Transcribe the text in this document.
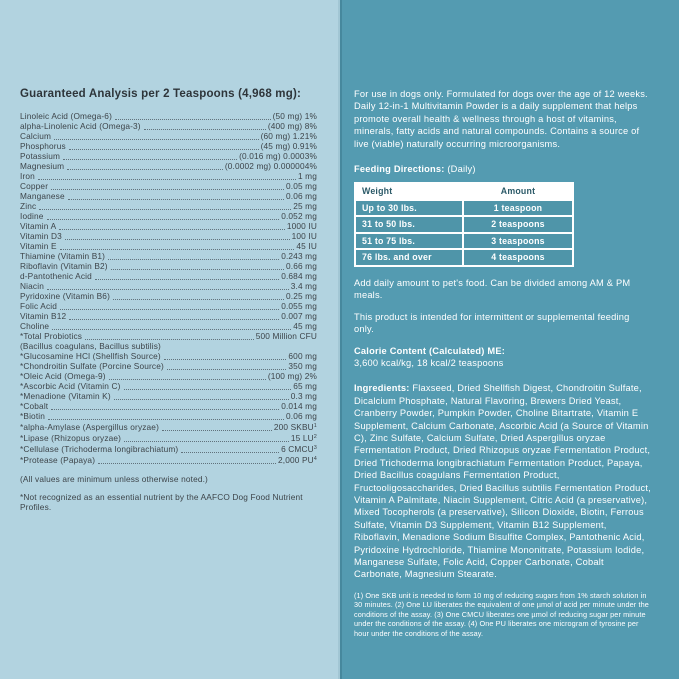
Guaranteed Analysis per 2 Teaspoons (4,968 mg):
Linoleic Acid (Omega-6)	(50 mg) 1%
alpha-Linolenic Acid (Omega-3)	(400 mg) 8%
Calcium	(60 mg) 1.21%
Phosphorus	(45 mg) 0.91%
Potassium	(0.016 mg) 0.0003%
Magnesium	(0.0002 mg) 0.000004%
Iron	1 mg
Copper	0.05 mg
Manganese	0.06 mg
Zinc	25 mg
Iodine	0.052 mg
Vitamin A	1000 IU
Vitamin D3	100 IU
Vitamin E	45 IU
Thiamine (Vitamin B1)	0.243 mg
Riboflavin (Vitamin B2)	0.66 mg
d-Pantothenic Acid	0.684 mg
Niacin	3.4 mg
Pyridoxine (Vitamin B6)	0.25 mg
Folic Acid	0.055 mg
Vitamin B12	0.007 mg
Choline	45 mg
*Total Probiotics	500 Million CFU
(Bacillus coagulans, Bacillus subtilis)
*Glucosamine HCl (Shellfish Source)	600 mg
*Chondroitin Sulfate (Porcine Source)	350 mg
*Oleic Acid (Omega-9)	(100 mg) 2%
*Ascorbic Acid (Vitamin C)	65 mg
*Menadione (Vitamin K)	0.3 mg
*Cobalt	0.014 mg
*Biotin	0.06 mg
*alpha-Amylase (Aspergillus oryzae)	200 SKBU$^1$
*Lipase (Rhizopus oryzae)	15 $LU^2$
*Cellulase (Trichoderma longibrachiatum)	6 CMCU$^3$
*Protease (Papaya)	2,000 $PU^4$

(All values are minimum unless otherwise noted.)

*Not recognized as an essential nutrient by the AAFCO Dog Food Nutrient Profiles.

For use in dogs only. Formulated for dogs over the age of 12 weeks. Daily 12-in-1 Multivitamin Powder is a daily supplement that helps promote overall health & wellness through a host of vitamins, minerals, fatty acids and natural compounds. Contains a source of live (viable) naturally occurring microorganisms.

Feeding Directions: (Daily)

Weight	Amount
Up to 30 lbs.	1 teaspoon
31 to 50 lbs.	2 teaspoons
51 to 75 lbs.	3 teaspoons
76 lbs. and over	4 teaspoons

Add daily amount to pet's food. Can be divided among AM & PM meals.

This product is intended for intermittent or supplemental feeding only.

Calorie Content (Calculated) ME:

3,600 kcal/kg, 18 kcal/2 teaspoons

Ingredients: Flaxseed, Dried Shellfish Digest, Chondroitin Sulfate, Dicalcium Phosphate, Natural Flavoring, Brewers Dried Yeast, Cranberry Powder, Pumpkin Powder, Choline Bitartrate, Vitamin E Supplement, Calcium Carbonate, Ascorbic Acid (a Source of Vitamin C), Zinc Sulfate, Calcium Sulfate, Dried Aspergillus oryzae Fermentation Product, Dried Rhizopus oryzae Fermentation Product, Dried Trichoderma longibrachiatum Fermentation Product, Papaya, Dried Bacillus coagulans Fermentation Product, Fructooligosaccharides, Dried Bacillus subtilis Fermentation Product, Vitamin A Palmitate, Niacin Supplement, Citric Acid (a preservative), Mixed Tocopherols (a preservative), Silicon Dioxide, Biotin, Ferrous Sulfate, Vitamin D3 Supplement, Vitamin B12 Supplement, Riboflavin, Menadione Sodium Bisulfite Complex, Pantothenic Acid, Pyridoxine Hydrochloride, Thiamine Mononitrate, Potassium Iodide, Manganese Sulfate, Folic Acid, Copper Carbonate, Cobalt Carbonate, Magnesium Stearate.

(1) One SKB unit is needed to form 10 mg of reducing sugars from 1% starch solution in 30 minutes. (2) One LU liberates the equivalent of one µmol of acid per minute under the conditions of the assay. (3) One CMCU liberates one µmol of reducing sugar per minute under the conditions of the assay. (4) One PU liberates one microgram of tyrosine per hour under the conditions of the assay.
